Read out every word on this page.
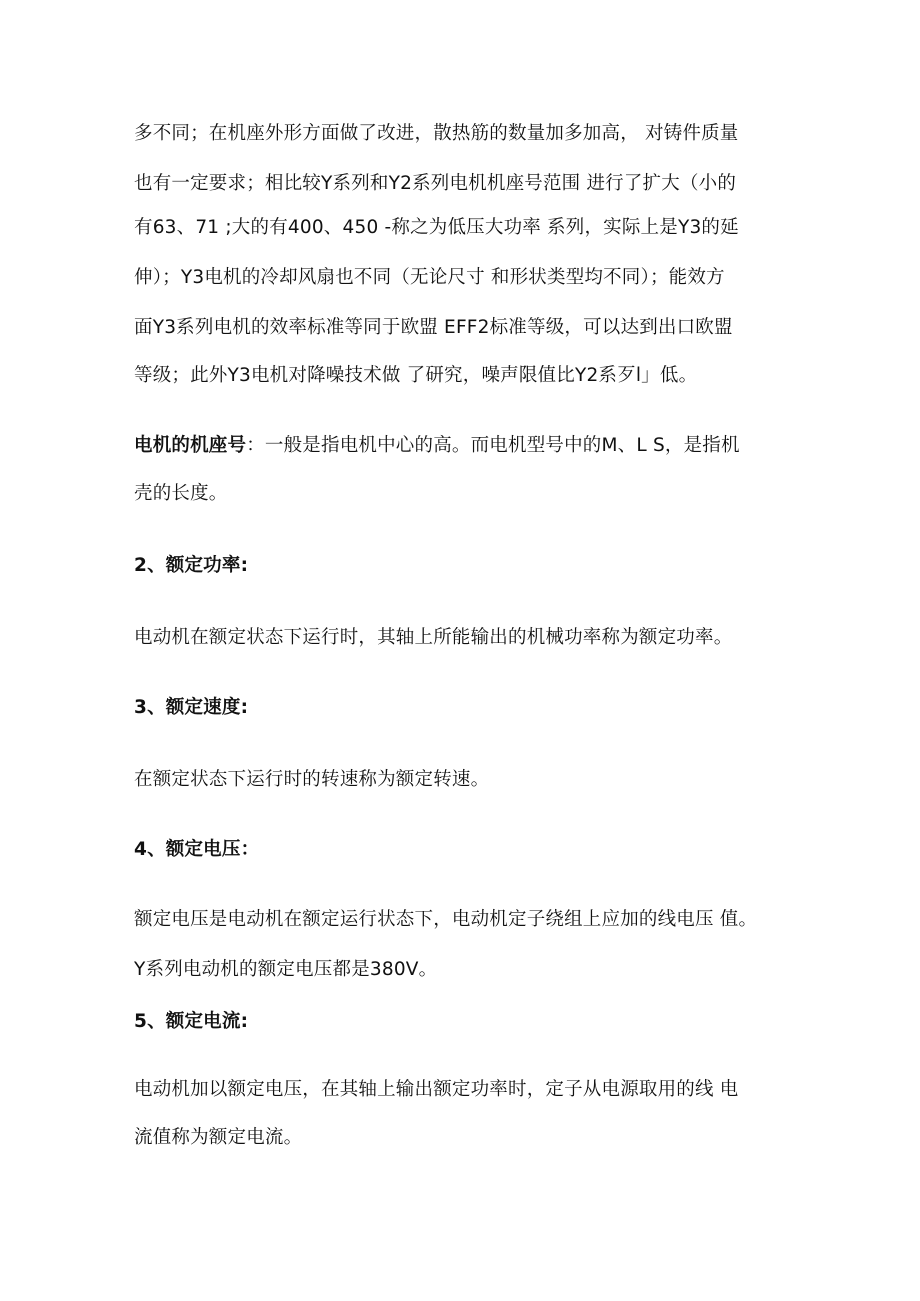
多不同；在机座外形方面做了改进，散热筋的数量加多加高， 对铸件质量
也有一定要求；相比较Y系列和Y2系列电机机座号范围 进行了扩大（小的
有63、71 ;大的有400、450 -称之为低压大功率 系列，实际上是Y3的延
伸）；Y3电机的冷却风扇也不同（无论尺寸 和形状类型均不同）；能效方
面Y3系列电机的效率标准等同于欧盟 EFF2标准等级，可以达到出口欧盟
等级；此外Y3电机对降噪技术做 了研究，噪声限值比Y2系歹l」低。
电机的机座号：一般是指电机中心的高。而电机型号中的M、L S，是指机
壳的长度。
2、额定功率:
电动机在额定状态下运行时，其轴上所能输出的机械功率称为额定功率。
3、额定速度:
在额定状态下运行时的转速称为额定转速。
4、额定电压：
额定电压是电动机在额定运行状态下，电动机定子绕组上应加的线电压 值。
Y系列电动机的额定电压都是380V。
5、额定电流:
电动机加以额定电压，在其轴上输出额定功率时，定子从电源取用的线 电
流值称为额定电流。
